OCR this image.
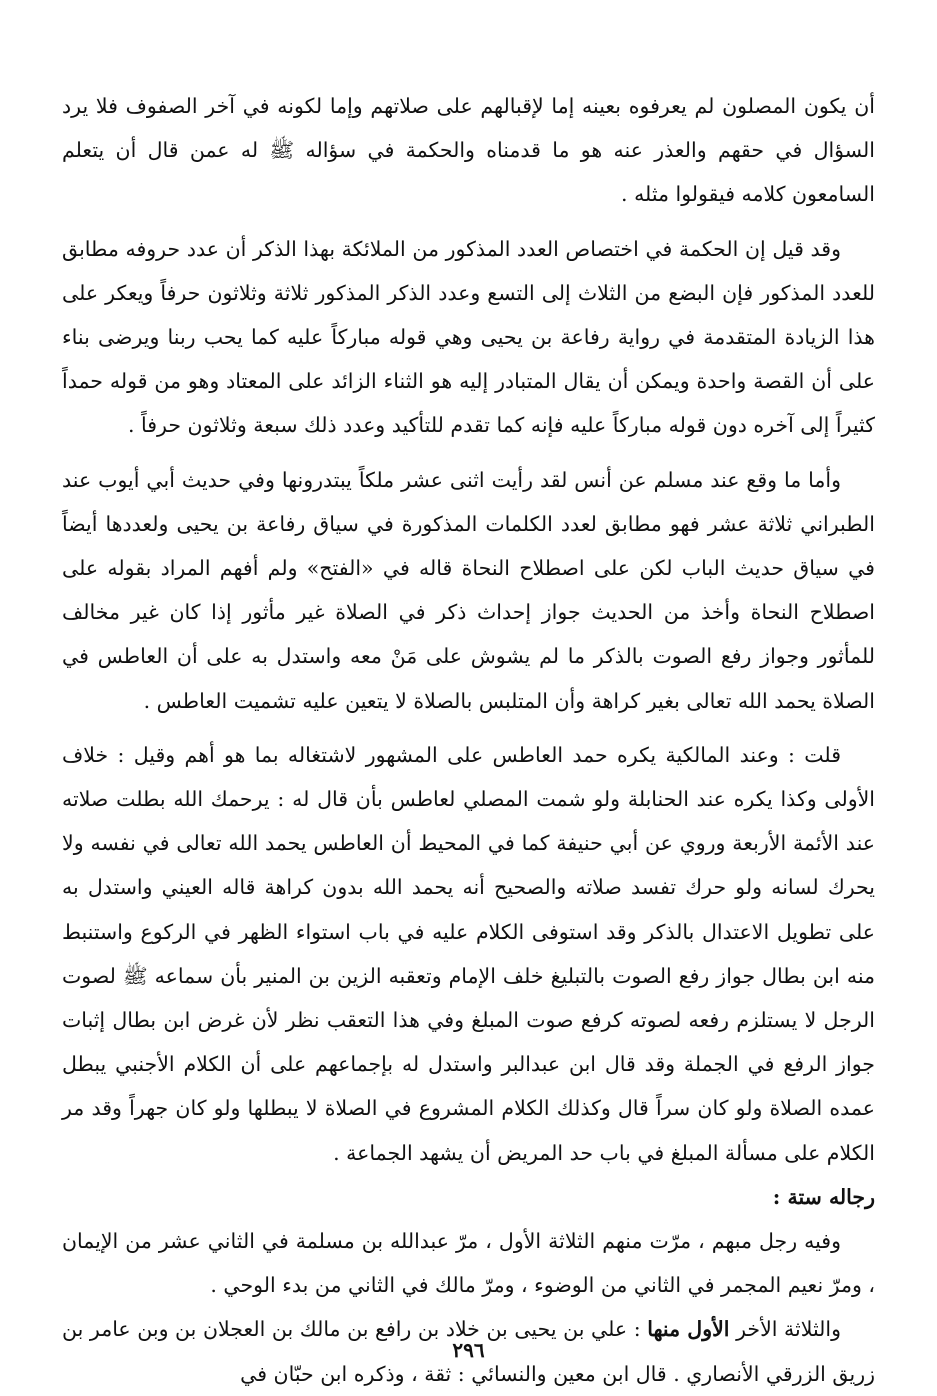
أن يكون المصلون لم يعرفوه بعينه إما لإقبالهم على صلاتهم وإما لكونه في آخر الصفوف فلا يرد السؤال في حقهم والعذر عنه هو ما قدمناه والحكمة في سؤاله ﷺ له عمن قال أن يتعلم السامعون كلامه فيقولوا مثله .

وقد قيل إن الحكمة في اختصاص العدد المذكور من الملائكة بهذا الذكر أن عدد حروفه مطابق للعدد المذكور فإن البضع من الثلاث إلى التسع وعدد الذكر المذكور ثلاثة وثلاثون حرفاً ويعكر على هذا الزيادة المتقدمة في رواية رفاعة بن يحيى وهي قوله مباركاً عليه كما يحب ربنا ويرضى بناء على أن القصة واحدة ويمكن أن يقال المتبادر إليه هو الثناء الزائد على المعتاد وهو من قوله حمداً كثيراً إلى آخره دون قوله مباركاً عليه فإنه كما تقدم للتأكيد وعدد ذلك سبعة وثلاثون حرفاً .

وأما ما وقع عند مسلم عن أنس لقد رأيت اثنى عشر ملكاً يبتدرونها وفي حديث أبي أيوب عند الطبراني ثلاثة عشر فهو مطابق لعدد الكلمات المذكورة في سياق رفاعة بن يحيى ولعددها أيضاً في سياق حديث الباب لكن على اصطلاح النحاة قاله في «الفتح» ولم أفهم المراد بقوله على اصطلاح النحاة وأخذ من الحديث جواز إحداث ذكر في الصلاة غير مأثور إذا كان غير مخالف للمأثور وجواز رفع الصوت بالذكر ما لم يشوش على مَنْ معه واستدل به على أن العاطس في الصلاة يحمد الله تعالى بغير كراهة وأن المتلبس بالصلاة لا يتعين عليه تشميت العاطس .

قلت : وعند المالكية يكره حمد العاطس على المشهور لاشتغاله بما هو أهم وقيل : خلاف الأولى وكذا يكره عند الحنابلة ولو شمت المصلي لعاطس بأن قال له : يرحمك الله بطلت صلاته عند الأئمة الأربعة وروي عن أبي حنيفة كما في المحيط أن العاطس يحمد الله تعالى في نفسه ولا يحرك لسانه ولو حرك تفسد صلاته والصحيح أنه يحمد الله بدون كراهة قاله العيني واستدل به على تطويل الاعتدال بالذكر وقد استوفى الكلام عليه في باب استواء الظهر في الركوع واستنبط منه ابن بطال جواز رفع الصوت بالتبليغ خلف الإمام وتعقبه الزين بن المنير بأن سماعه ﷺ لصوت الرجل لا يستلزم رفعه لصوته كرفع صوت المبلغ وفي هذا التعقب نظر لأن غرض ابن بطال إثبات جواز الرفع في الجملة وقد قال ابن عبدالبر واستدل له بإجماعهم على أن الكلام الأجنبي يبطل عمده الصلاة ولو كان سراً قال وكذلك الكلام المشروع في الصلاة لا يبطلها ولو كان جهراً وقد مر الكلام على مسألة المبلغ في باب حد المريض أن يشهد الجماعة .

رجاله ستة :

وفيه رجل مبهم ، مرّت منهم الثلاثة الأول ، مرّ عبدالله بن مسلمة في الثاني عشر من الإيمان ، ومرّ نعيم المجمر في الثاني من الوضوء ، ومرّ مالك في الثاني من بدء الوحي .

والثلاثة الأخر الأول منها : علي بن يحيى بن خلاد بن رافع بن مالك بن العجلان بن وبن عامر بن زريق الزرقي الأنصاري . قال ابن معين والنسائي : ثقة ، وذكره ابن حبّان في

٢٩٦
